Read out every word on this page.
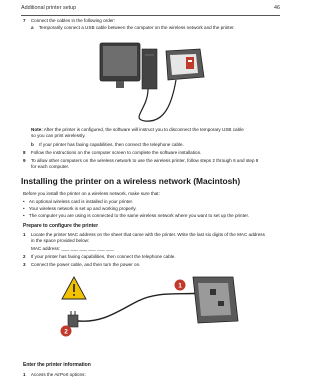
Additional printer setup	46
7 Connect the cables in the following order:
a Temporarily connect a USB cable between the computer on the wireless network and the printer.
Note: After the printer is configured, the software will instruct you to disconnect the temporary USB cable
so you can print wirelessly.
b If your printer has faxing capabilities, then connect the telephone cable.
8 Follow the instructions on the computer screen to complete the software installation.
9 To allow other computers on the wireless network to use the wireless printer, follow steps 2 through 6 and step 8
for each computer.
Installing the printer on a wireless network (Macintosh)
Before you install the printer on a wireless network, make sure that:
• An optional wireless card is installed in your printer.
• Your wireless network is set up and working properly.
• The computer you are using is connected to the same wireless network where you want to set up the printer.
Prepare to configure the printer
1 Locate the printer MAC address on the sheet that came with the printer. Write the last six digits of the MAC address
in the space provided below:
MAC address: ___ ___ ___ ___ ___ ___
2 If your printer has faxing capabilities, then connect the telephone cable.
3 Connect the power cable, and then turn the power on.
1
2
Enter the printer information
1 Access the AirPort options:
